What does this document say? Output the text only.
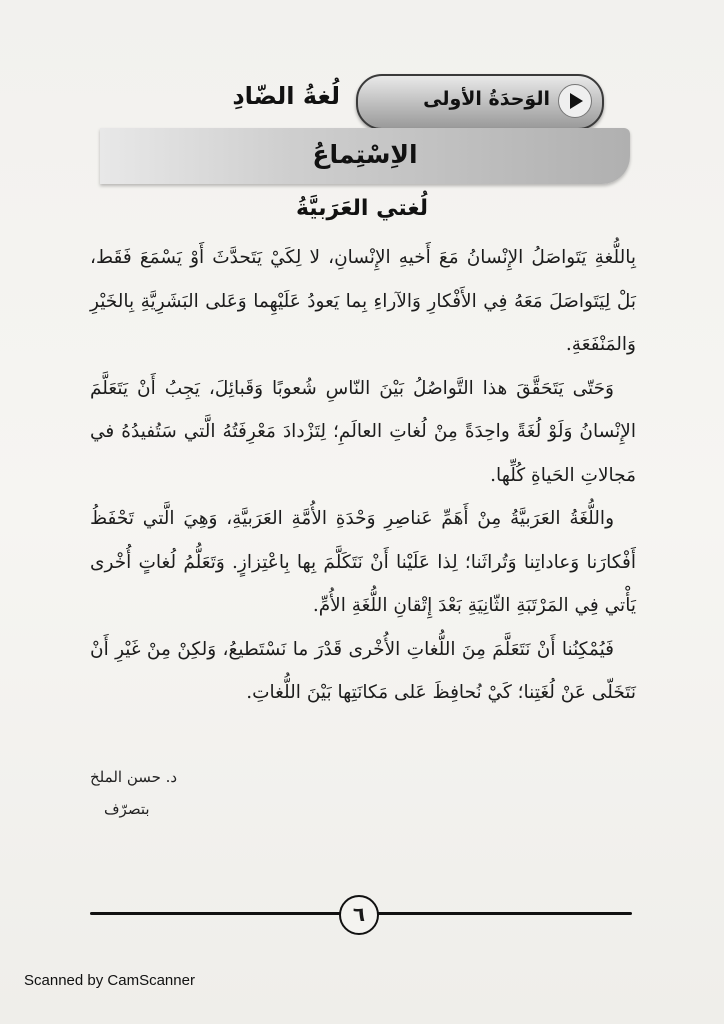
الوَحدَةُ الأولى
لُغةُ الضّادِ
الاِسْتِماعُ
لُغتي العَرَبيَّةُ

بِاللُّغةِ يَتَواصَلُ الإِنْسانُ مَعَ أَخيهِ الإِنْسانِ، لا لِكَيْ يَتَحدَّثَ أَوْ يَسْمَعَ فَقَط، بَلْ لِيَتَواصَلَ مَعَهُ فِي الأَفْكارِ وَالآراءِ بِما يَعودُ عَلَيْهِما وَعَلى البَشَرِيَّةِ بِالخَيْرِ وَالمَنْفَعَةِ.

وَحَتّى يَتَحَقَّقَ هذا التَّواصُلُ بَيْنَ النّاسِ شُعوبًا وَقَبائِلَ، يَجِبُ أَنْ يَتَعَلَّمَ الإِنْسانُ وَلَوْ لُغَةً واحِدَةً مِنْ لُغاتِ العالَمِ؛ لِتَزْدادَ مَعْرِفَتُهُ الَّتي سَتُفيدُهُ في مَجالاتِ الحَياةِ كُلِّها.

واللُّغَةُ العَرَبيَّةُ مِنْ أَهَمِّ عَناصِرِ وَحْدَةِ الأُمَّةِ العَرَبيَّةِ، وَهِيَ الَّتي تَحْفَظُ أَفْكارَنا وَعاداتِنا وَتُراثَنا؛ لِذا عَلَيْنا أَنْ نَتَكَلَّمَ بِها بِاعْتِزازٍ. وَتَعَلُّمُ لُغاتٍ أُخْرى يَأْتي فِي المَرْتَبَةِ الثّانِيَةِ بَعْدَ إِتْقانِ اللُّغَةِ الأُمِّ.

فَيُمْكِنُنا أَنْ نَتَعَلَّمَ مِنَ اللُّغاتِ الأُخْرى قَدْرَ ما نَسْتَطيعُ، وَلكِنْ مِنْ غَيْرِ أَنْ نَتَخَلّى عَنْ لُغَتِنا؛ كَيْ نُحافِظَ عَلى مَكانَتِها بَيْنَ اللُّغاتِ.

د. حسن الملخ
بتصرّف
٦
Scanned by CamScanner
